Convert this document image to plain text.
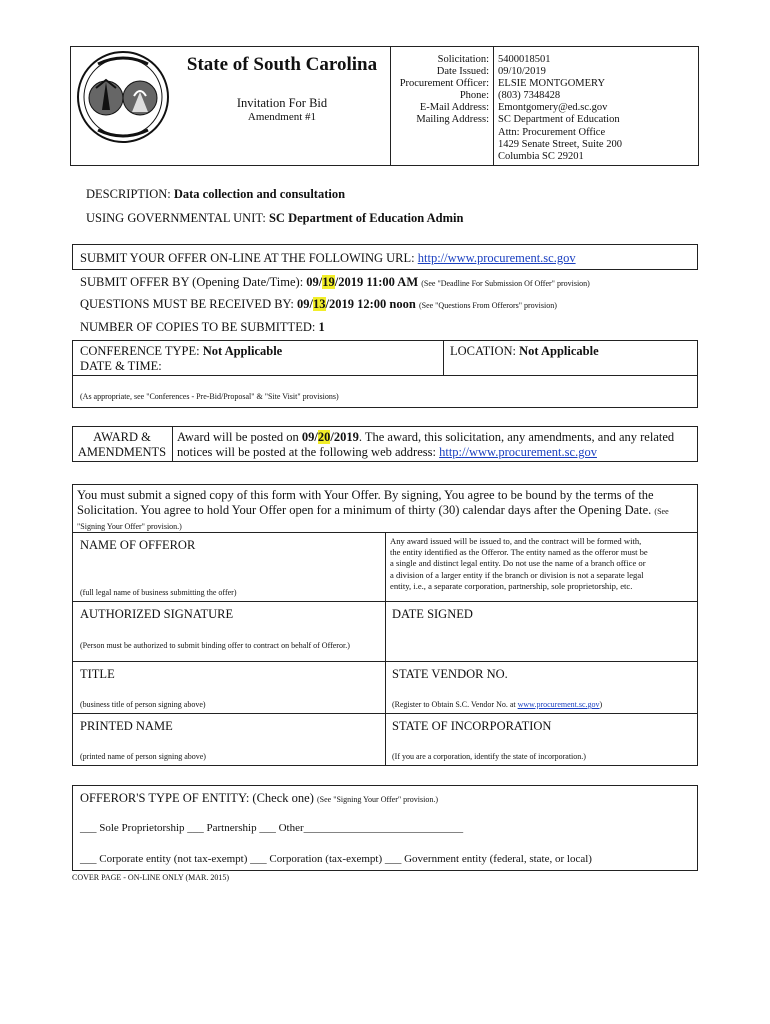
State of South Carolina
Invitation For Bid
Amendment #1
Solicitation:
Date Issued:
Procurement Officer:
Phone:
E-Mail Address:
Mailing Address:
5400018501
09/10/2019
ELSIE MONTGOMERY
(803) 7348428
Emontgomery@ed.sc.gov
SC Department of Education
Attn: Procurement Office
1429 Senate Street, Suite 200
Columbia SC 29201
DESCRIPTION: Data collection and consultation
USING GOVERNMENTAL UNIT: SC Department of Education Admin
SUBMIT YOUR OFFER ON-LINE AT THE FOLLOWING URL: http://www.procurement.sc.gov
SUBMIT OFFER BY (Opening Date/Time): 09/19/2019 11:00 AM (See "Deadline For Submission Of Offer" provision)
QUESTIONS MUST BE RECEIVED BY: 09/13/2019 12:00 noon (See "Questions From Offerors" provision)
NUMBER OF COPIES TO BE SUBMITTED: 1
CONFERENCE TYPE: Not Applicable
DATE & TIME:
LOCATION: Not Applicable
(As appropriate, see "Conferences - Pre-Bid/Proposal" & "Site Visit" provisions)
AWARD &
AMENDMENTS
Award will be posted on 09/20/2019. The award, this solicitation, any amendments, and any related
notices will be posted at the following web address: http://www.procurement.sc.gov
You must submit a signed copy of this form with Your Offer. By signing, You agree to be bound by the terms of the
Solicitation. You agree to hold Your Offer open for a minimum of thirty (30) calendar days after the Opening Date. (See
"Signing Your Offer" provision.)
NAME OF OFFEROR
(full legal name of business submitting the offer)
Any award issued will be issued to, and the contract will be formed with,
the entity identified as the Offeror. The entity named as the offeror must be
a single and distinct legal entity. Do not use the name of a branch office or
a division of a larger entity if the branch or division is not a separate legal
entity, i.e., a separate corporation, partnership, sole proprietorship, etc.
AUTHORIZED SIGNATURE
(Person must be authorized to submit binding offer to contract on behalf of Offeror.)
DATE SIGNED
TITLE
(business title of person signing above)
STATE VENDOR NO.
(Register to Obtain S.C. Vendor No. at www.procurement.sc.gov)
PRINTED NAME
(printed name of person signing above)
STATE OF INCORPORATION
(If you are a corporation, identify the state of incorporation.)
OFFEROR'S TYPE OF ENTITY: (Check one) (See "Signing Your Offer" provision.)
___ Sole Proprietorship ___ Partnership ___ Other_____________________________
___ Corporate entity (not tax-exempt) ___ Corporation (tax-exempt) ___ Government entity (federal, state, or local)
COVER PAGE - ON-LINE ONLY (MAR. 2015)
